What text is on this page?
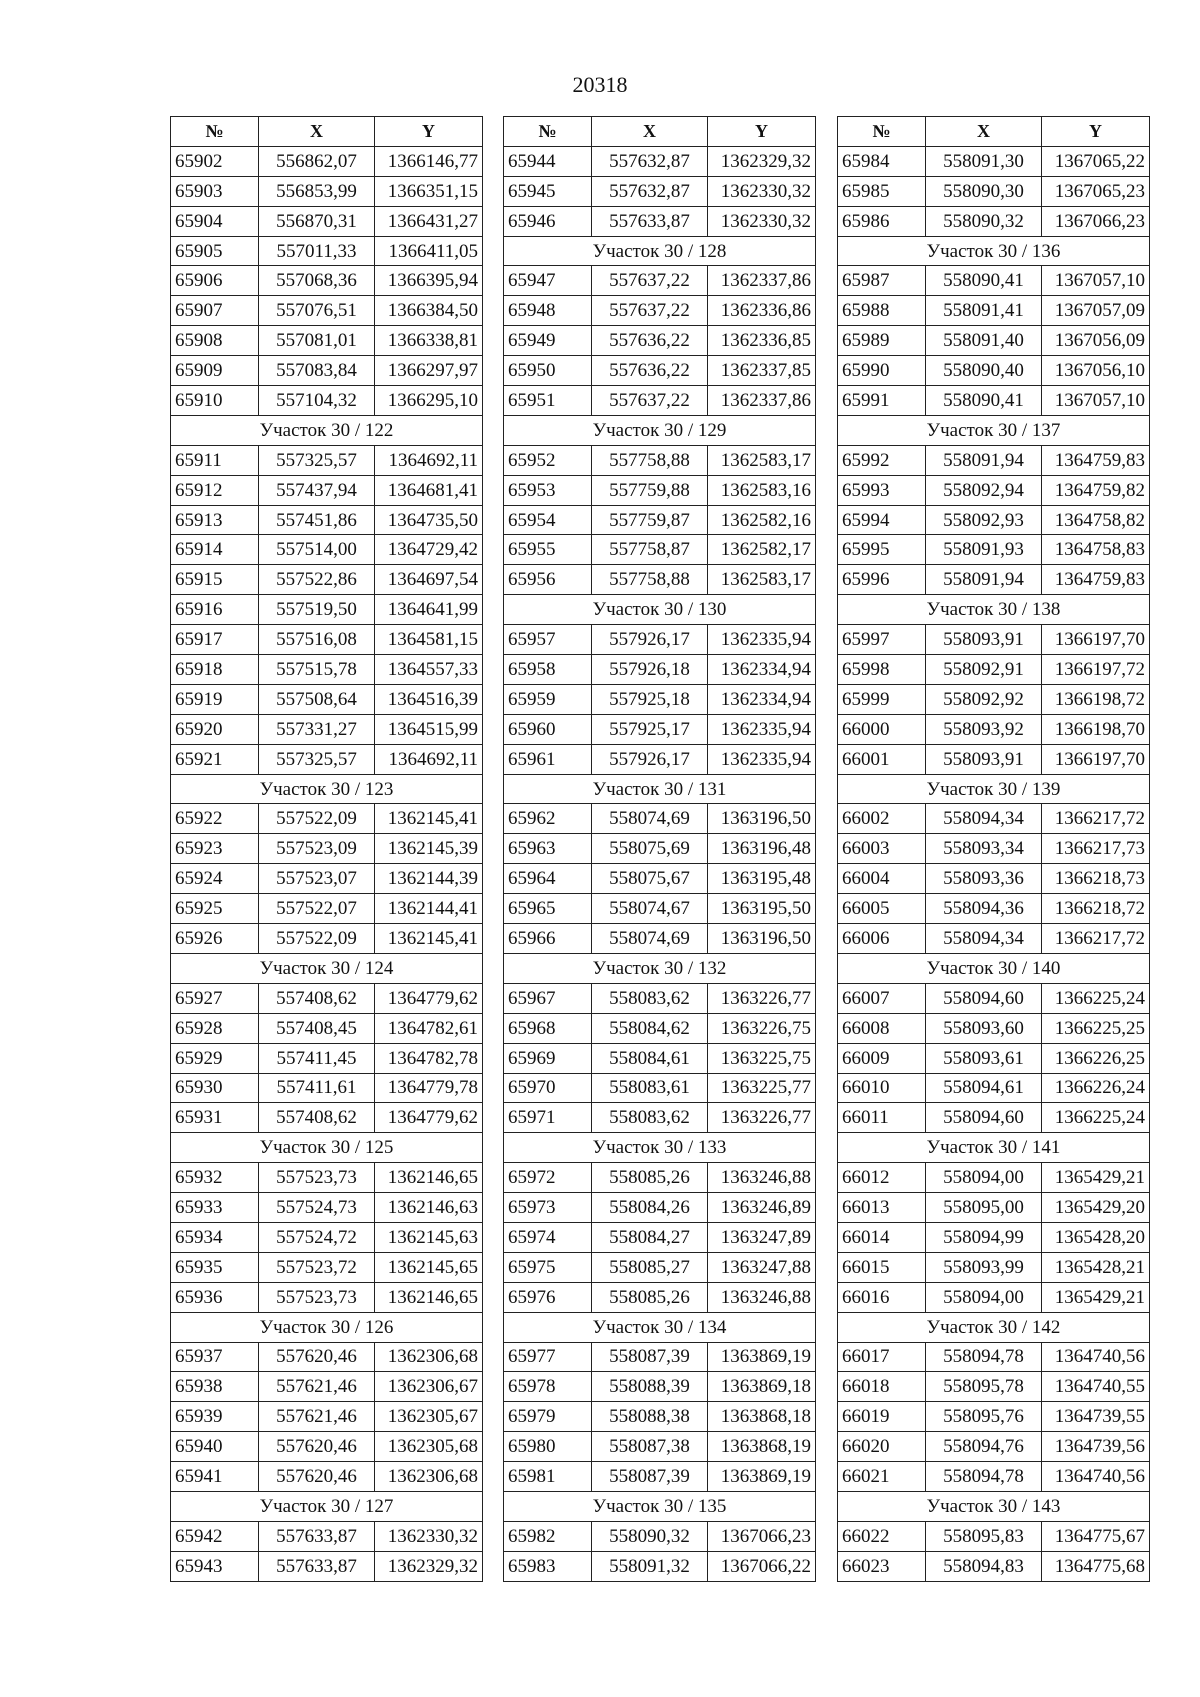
20318
№	X	Y
65902	556862,07	1366146,77
65903	556853,99	1366351,15
65904	556870,31	1366431,27
65905	557011,33	1366411,05
65906	557068,36	1366395,94
65907	557076,51	1366384,50
65908	557081,01	1366338,81
65909	557083,84	1366297,97
65910	557104,32	1366295,10
Участок 30 / 122		
65911	557325,57	1364692,11
65912	557437,94	1364681,41
65913	557451,86	1364735,50
65914	557514,00	1364729,42
65915	557522,86	1364697,54
65916	557519,50	1364641,99
65917	557516,08	1364581,15
65918	557515,78	1364557,33
65919	557508,64	1364516,39
65920	557331,27	1364515,99
65921	557325,57	1364692,11
Участок 30 / 123		
65922	557522,09	1362145,41
65923	557523,09	1362145,39
65924	557523,07	1362144,39
65925	557522,07	1362144,41
65926	557522,09	1362145,41
Участок 30 / 124		
65927	557408,62	1364779,62
65928	557408,45	1364782,61
65929	557411,45	1364782,78
65930	557411,61	1364779,78
65931	557408,62	1364779,62
Участок 30 / 125		
65932	557523,73	1362146,65
65933	557524,73	1362146,63
65934	557524,72	1362145,63
65935	557523,72	1362145,65
65936	557523,73	1362146,65
Участок 30 / 126		
65937	557620,46	1362306,68
65938	557621,46	1362306,67
65939	557621,46	1362305,67
65940	557620,46	1362305,68
65941	557620,46	1362306,68
Участок 30 / 127		
65942	557633,87	1362330,32
65943	557633,87	1362329,32
№	X	Y
65944	557632,87	1362329,32
65945	557632,87	1362330,32
65946	557633,87	1362330,32
Участок 30 / 128		
65947	557637,22	1362337,86
65948	557637,22	1362336,86
65949	557636,22	1362336,85
65950	557636,22	1362337,85
65951	557637,22	1362337,86
Участок 30 / 129		
65952	557758,88	1362583,17
65953	557759,88	1362583,16
65954	557759,87	1362582,16
65955	557758,87	1362582,17
65956	557758,88	1362583,17
Участок 30 / 130		
65957	557926,17	1362335,94
65958	557926,18	1362334,94
65959	557925,18	1362334,94
65960	557925,17	1362335,94
65961	557926,17	1362335,94
Участок 30 / 131		
65962	558074,69	1363196,50
65963	558075,69	1363196,48
65964	558075,67	1363195,48
65965	558074,67	1363195,50
65966	558074,69	1363196,50
Участок 30 / 132		
65967	558083,62	1363226,77
65968	558084,62	1363226,75
65969	558084,61	1363225,75
65970	558083,61	1363225,77
65971	558083,62	1363226,77
Участок 30 / 133		
65972	558085,26	1363246,88
65973	558084,26	1363246,89
65974	558084,27	1363247,89
65975	558085,27	1363247,88
65976	558085,26	1363246,88
Участок 30 / 134		
65977	558087,39	1363869,19
65978	558088,39	1363869,18
65979	558088,38	1363868,18
65980	558087,38	1363868,19
65981	558087,39	1363869,19
Участок 30 / 135		
65982	558090,32	1367066,23
65983	558091,32	1367066,22
№	X	Y
65984	558091,30	1367065,22
65985	558090,30	1367065,23
65986	558090,32	1367066,23
Участок 30 / 136		
65987	558090,41	1367057,10
65988	558091,41	1367057,09
65989	558091,40	1367056,09
65990	558090,40	1367056,10
65991	558090,41	1367057,10
Участок 30 / 137		
65992	558091,94	1364759,83
65993	558092,94	1364759,82
65994	558092,93	1364758,82
65995	558091,93	1364758,83
65996	558091,94	1364759,83
Участок 30 / 138		
65997	558093,91	1366197,70
65998	558092,91	1366197,72
65999	558092,92	1366198,72
66000	558093,92	1366198,70
66001	558093,91	1366197,70
Участок 30 / 139		
66002	558094,34	1366217,72
66003	558093,34	1366217,73
66004	558093,36	1366218,73
66005	558094,36	1366218,72
66006	558094,34	1366217,72
Участок 30 / 140		
66007	558094,60	1366225,24
66008	558093,60	1366225,25
66009	558093,61	1366226,25
66010	558094,61	1366226,24
66011	558094,60	1366225,24
Участок 30 / 141		
66012	558094,00	1365429,21
66013	558095,00	1365429,20
66014	558094,99	1365428,20
66015	558093,99	1365428,21
66016	558094,00	1365429,21
Участок 30 / 142		
66017	558094,78	1364740,56
66018	558095,78	1364740,55
66019	558095,76	1364739,55
66020	558094,76	1364739,56
66021	558094,78	1364740,56
Участок 30 / 143		
66022	558095,83	1364775,67
66023	558094,83	1364775,68
